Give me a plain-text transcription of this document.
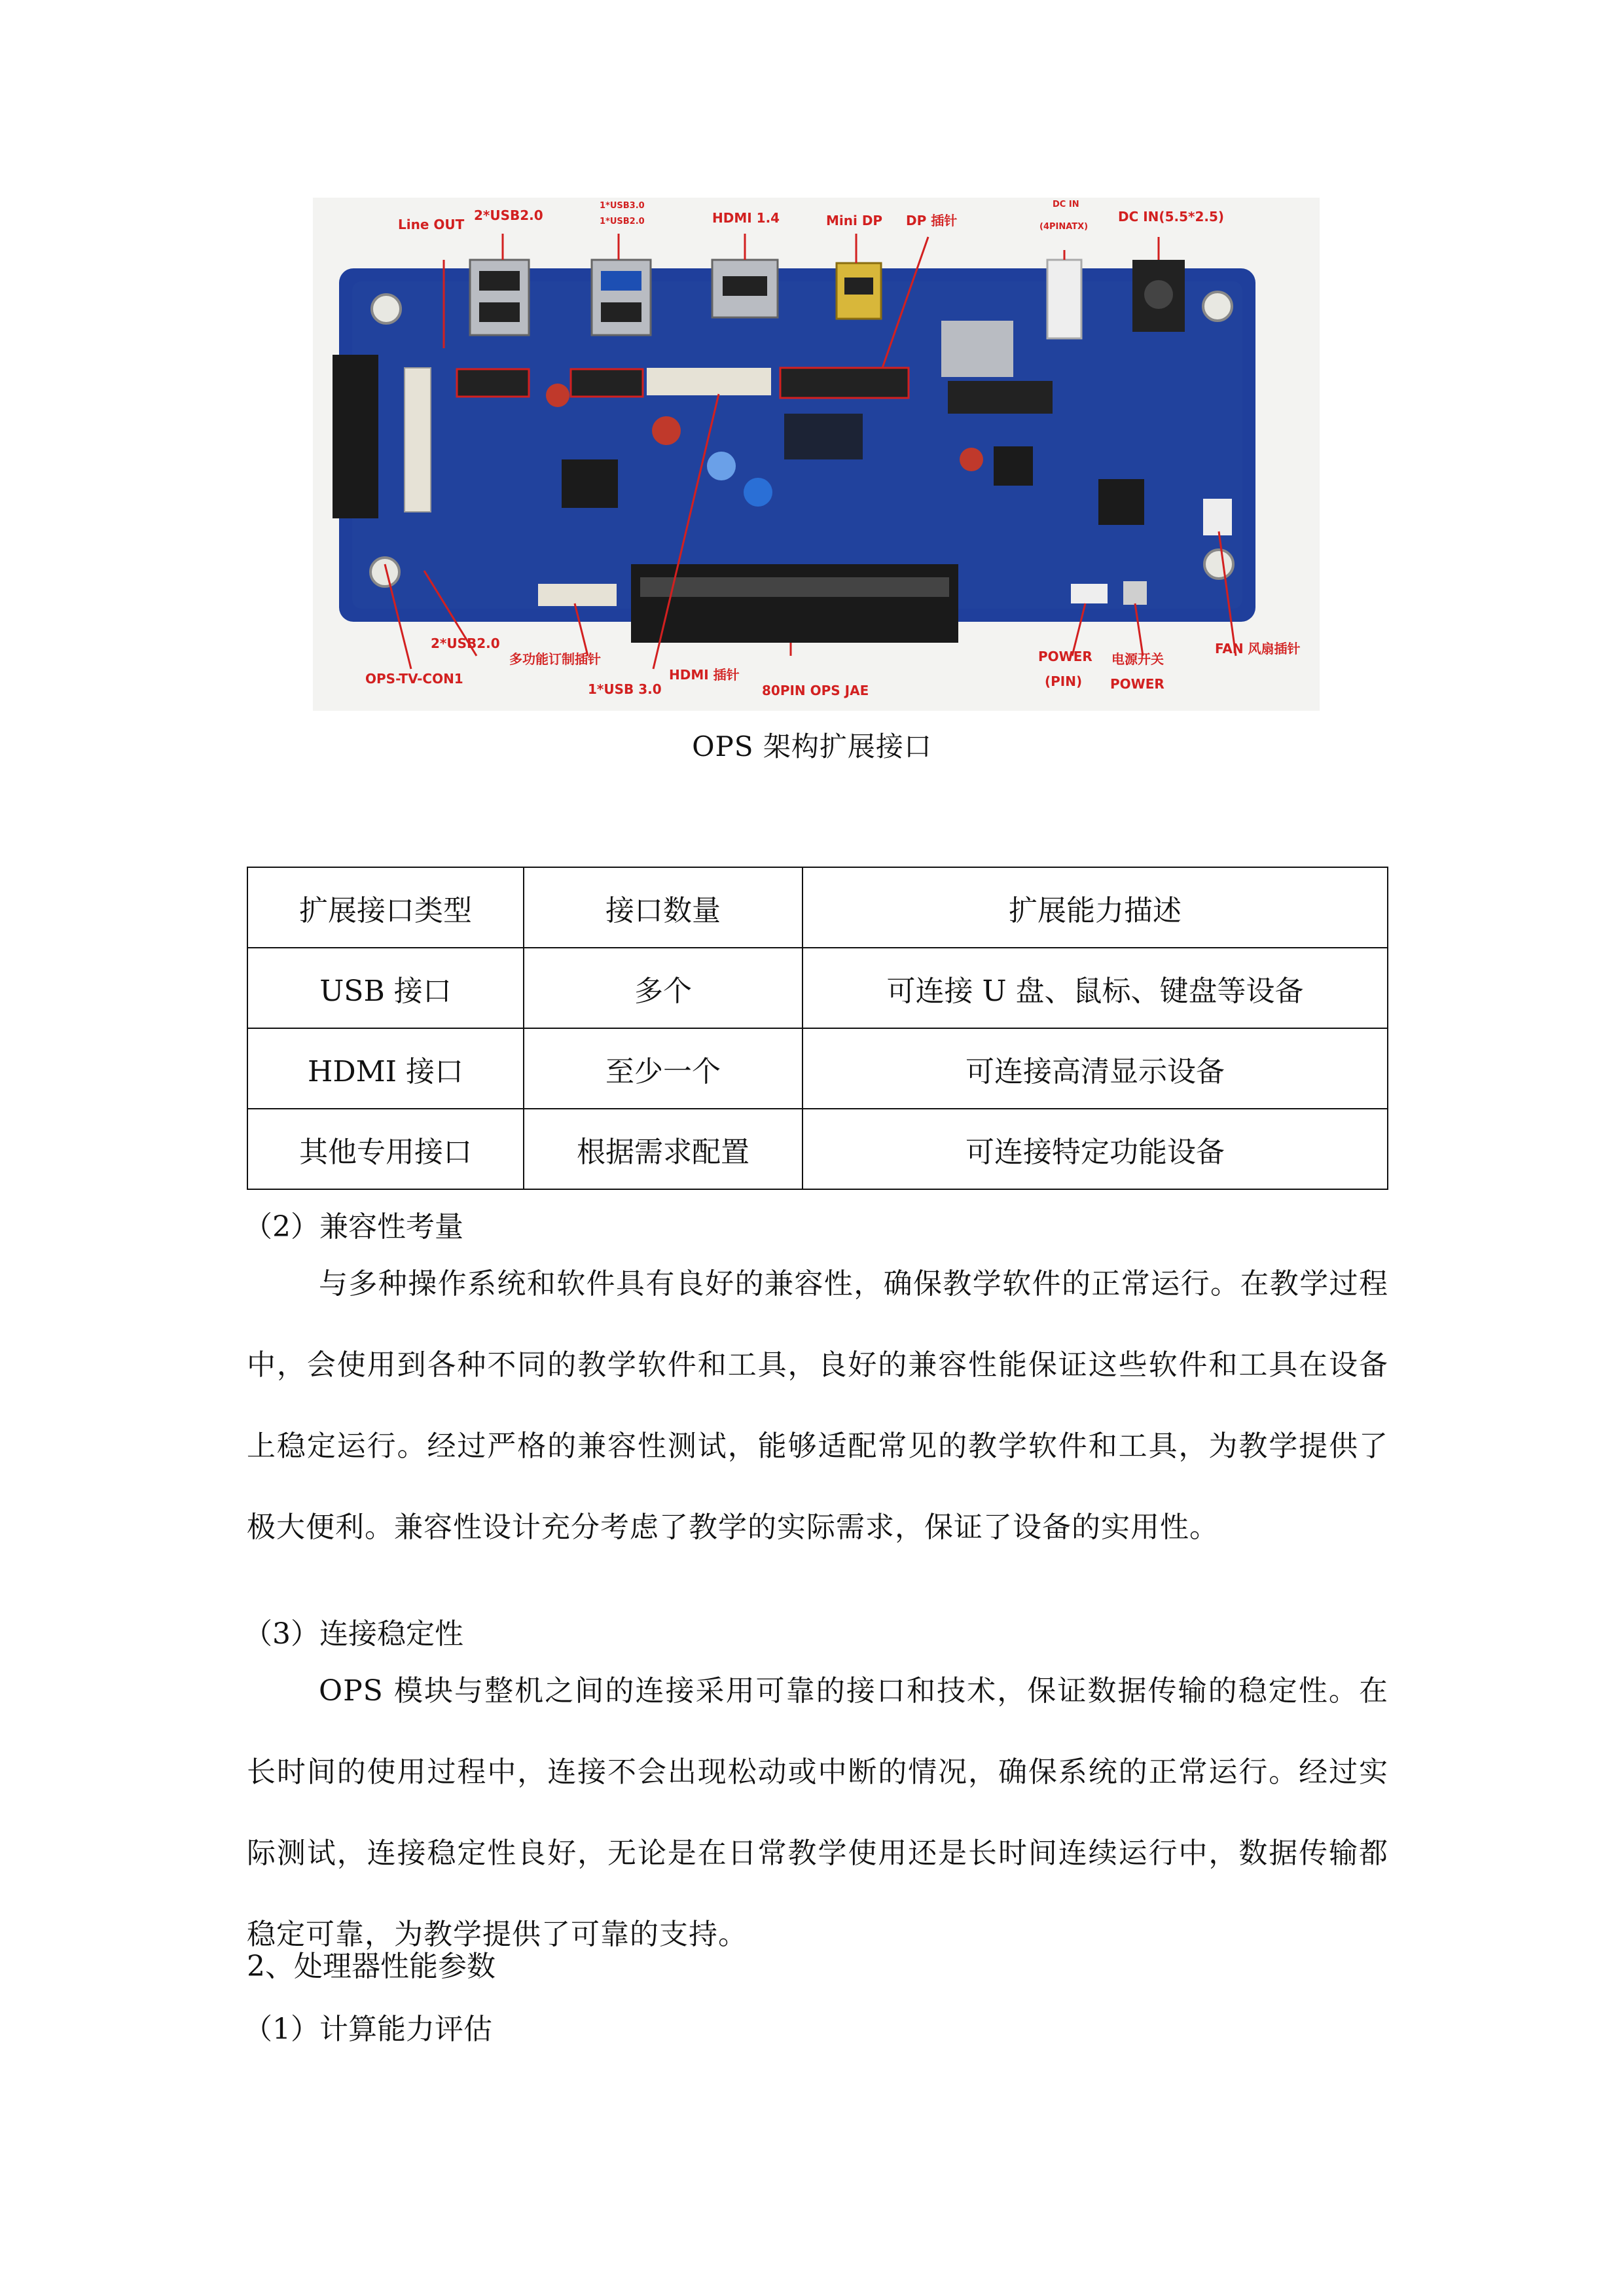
Line OUT
2*USB2.0
1*USB3.0
1*USB2.0	HDMI 1.4	Mini DP DP 插针
DC IN
(4PINATX)
DC IN(5.5*2.5)
2*USB2.0
OPS-TV-CON1
多功能订制插针
1*USB 3.0
HDMI 插针
80PIN OPS JAE
POWER
(PIN)
电源开关
POWER
FAN 风扇插针
OPS 架构扩展接口
扩展接口类型	接口数量	扩展能力描述
USB 接口	多个	可连接 U 盘、鼠标、键盘等设备
HDMI 接口	至少一个	可连接高清显示设备
其他专用接口	根据需求配置	可连接特定功能设备
（2）兼容性考量

与多种操作系统和软件具有良好的兼容性，确保教学软件的正常运行。在教学过程中，会使用到各种不同的教学软件和工具，良好的兼容性能保证这些软件和工具在设备上稳定运行。经过严格的兼容性测试，能够适配常见的教学软件和工具，为教学提供了极大便利。兼容性设计充分考虑了教学的实际需求，保证了设备的实用性。

（3）连接稳定性

OPS 模块与整机之间的连接采用可靠的接口和技术，保证数据传输的稳定性。在长时间的使用过程中，连接不会出现松动或中断的情况，确保系统的正常运行。经过实际测试，连接稳定性良好，无论是在日常教学使用还是长时间连续运行中，数据传输都稳定可靠，为教学提供了可靠的支持。

2、处理器性能参数
（1）计算能力评估
